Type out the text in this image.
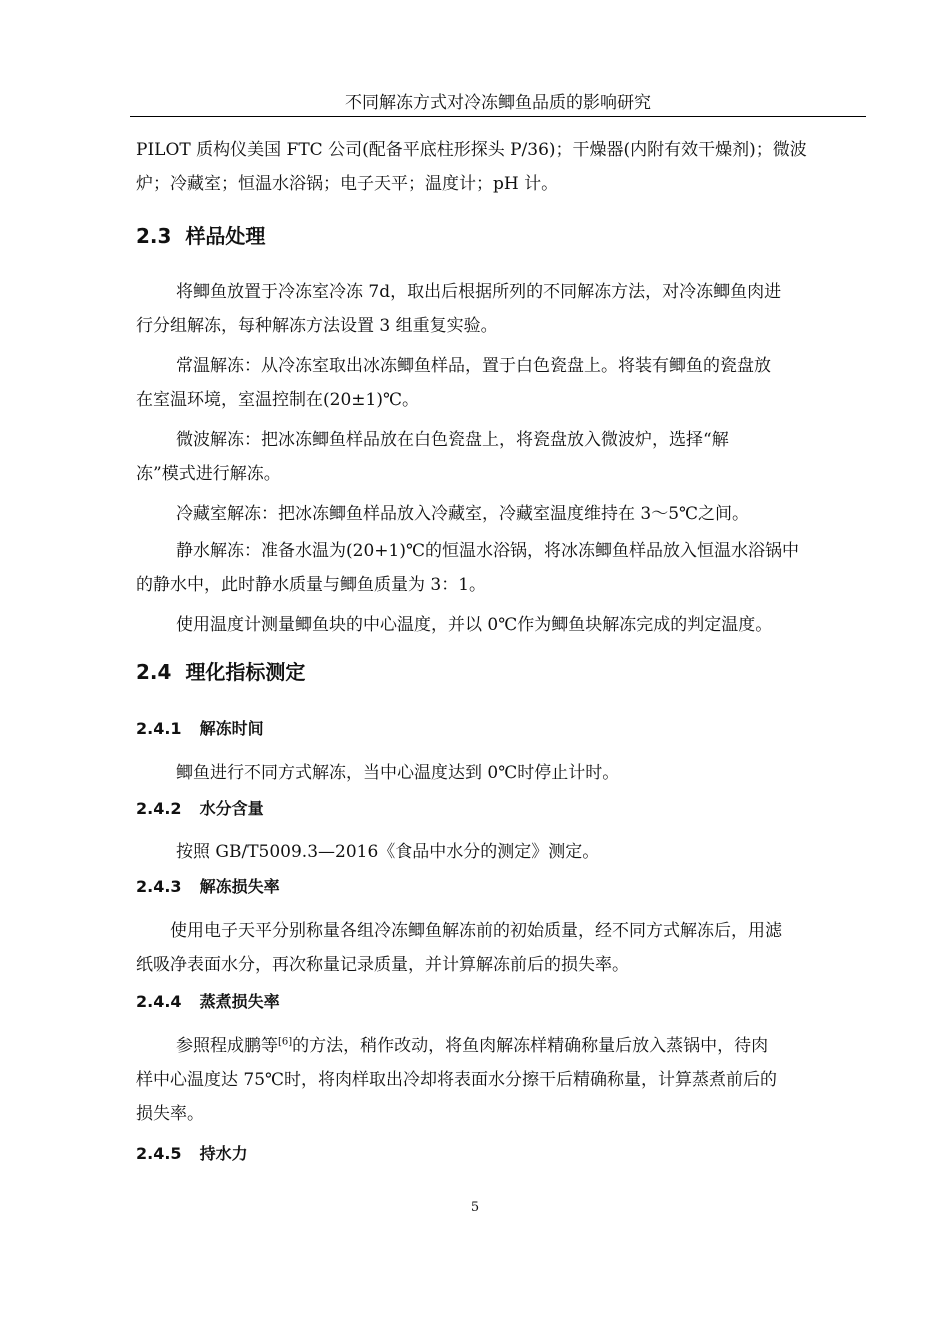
不同解冻方式对冷冻鲫鱼品质的影响研究
PILOT 质构仪美国 FTC 公司(配备平底柱形探头 P/36)；干燥器(内附有效干燥剂)；微波
炉；冷藏室；恒温水浴锅；电子天平；温度计；pH 计。
2.3 样品处理
将鲫鱼放置于冷冻室冷冻 7d，取出后根据所列的不同解冻方法，对冷冻鲫鱼肉进
行分组解冻，每种解冻方法设置 3 组重复实验。
常温解冻：从冷冻室取出冰冻鲫鱼样品，置于白色瓷盘上。将装有鲫鱼的瓷盘放
在室温环境，室温控制在(20±1)℃。
微波解冻：把冰冻鲫鱼样品放在白色瓷盘上，将瓷盘放入微波炉，选择“解
冻”模式进行解冻。
冷藏室解冻：把冰冻鲫鱼样品放入冷藏室，冷藏室温度维持在 3～5℃之间。
静水解冻：准备水温为(20+1)℃的恒温水浴锅，将冰冻鲫鱼样品放入恒温水浴锅中
的静水中，此时静水质量与鲫鱼质量为 3：1。
使用温度计测量鲫鱼块的中心温度，并以 0℃作为鲫鱼块解冻完成的判定温度。
2.4 理化指标测定
2.4.1 解冻时间
鲫鱼进行不同方式解冻，当中心温度达到 0℃时停止计时。
2.4.2 水分含量
按照 GB/T5009.3—2016《食品中水分的测定》测定。
2.4.3 解冻损失率
使用电子天平分别称量各组冷冻鲫鱼解冻前的初始质量，经不同方式解冻后，用滤
纸吸净表面水分，再次称量记录质量，并计算解冻前后的损失率。
2.4.4 蒸煮损失率
参照程成鹏等[6]的方法，稍作改动，将鱼肉解冻样精确称量后放入蒸锅中，待肉
样中心温度达 75℃时，将肉样取出冷却将表面水分擦干后精确称量，计算蒸煮前后的
损失率。
2.4.5 持水力
5
